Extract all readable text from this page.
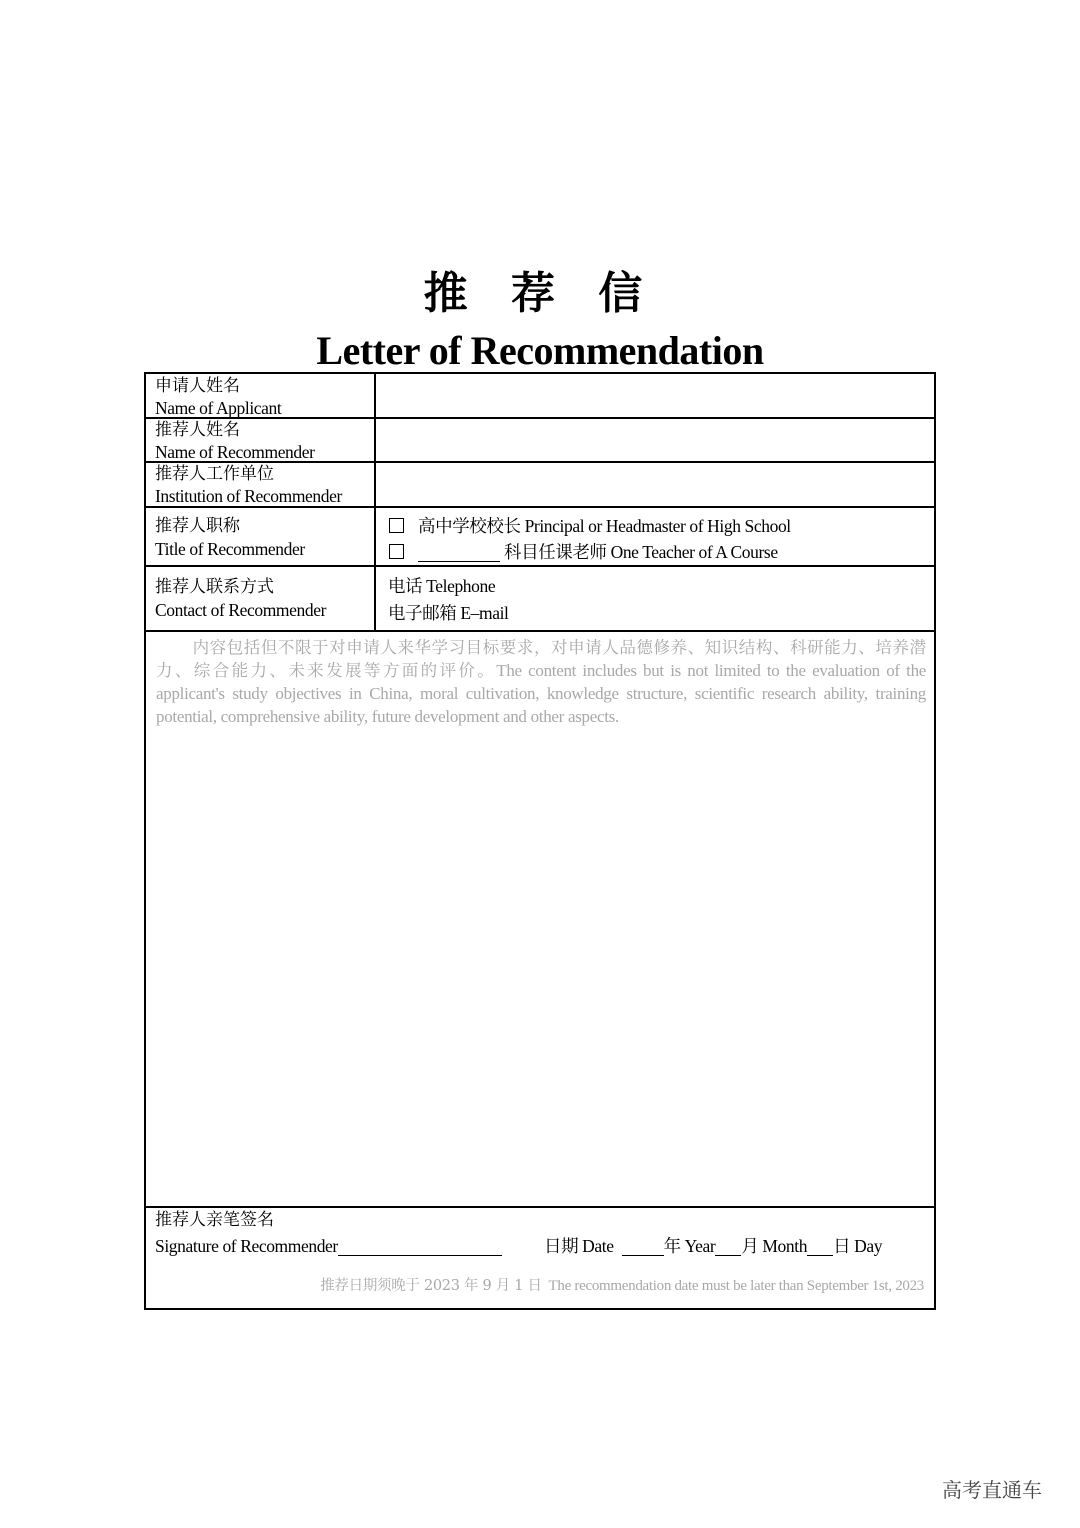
推 荐 信
Letter of Recommendation
申请人姓名
Name of Applicant
推荐人姓名
Name of Recommender
推荐人工作单位
Institution of Recommender
推荐人职称
Title of Recommender
高中学校校长 Principal or Headmaster of High School
科目任课老师 One Teacher of A Course
推荐人联系方式
Contact of Recommender
电话 Telephone
电子邮箱 E–mail
内容包括但不限于对申请人来华学习目标要求，对申请人品德修养、知识结构、科研能力、培养潜力、综合能力、未来发展等方面的评价。The content includes but is not limited to the evaluation of the applicant's study objectives in China, moral cultivation, knowledge structure, scientific research ability, training potential, comprehensive ability, future development and other aspects.
推荐人亲笔签名
Signature of Recommender	日期 Date	年 Year 月 Month 日 Day
推荐日期须晚于 2023 年 9 月 1 日 The recommendation date must be later than September 1st, 2023
高考直通车
